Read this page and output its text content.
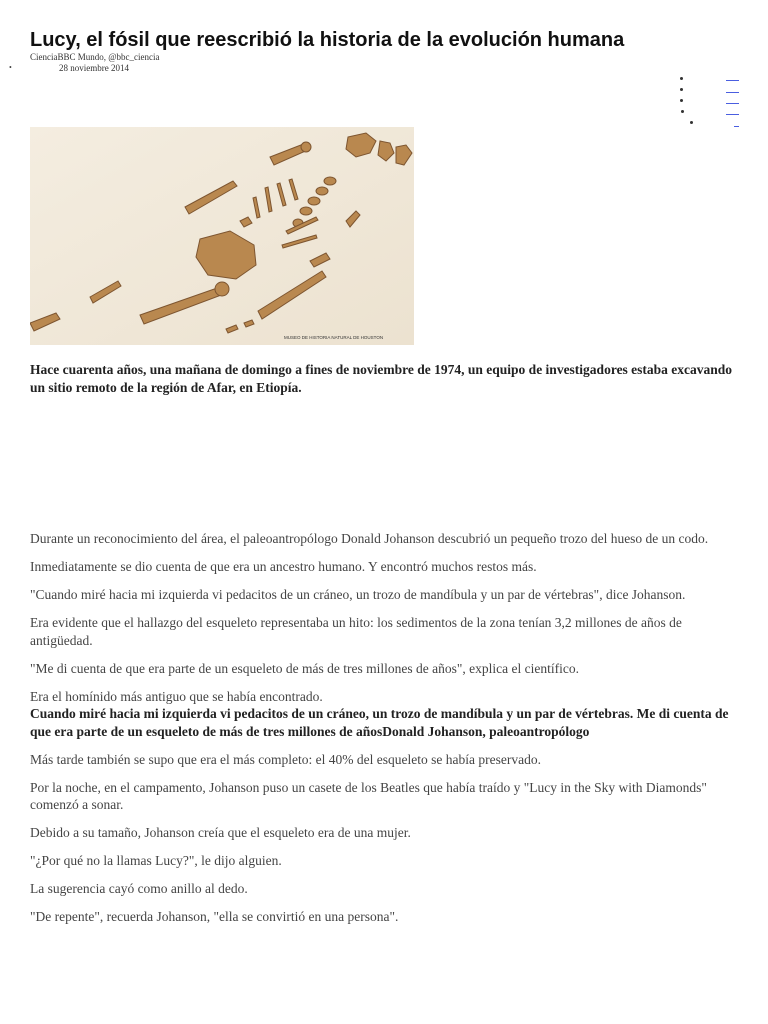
Lucy, el fósil que reescribió la historia de la evolución humana
CienciaBBC Mundo, @bbc_ciencia
•	28 noviembre 2014
MUSEO DE HISTORIA NATURAL DE HOUSTON

Hace cuarenta años, una mañana de domingo a fines de noviembre de 1974, un equipo de investigadores estaba excavando un sitio remoto de la región de Afar, en Etiopía.

Durante un reconocimiento del área, el paleoantropólogo Donald Johanson descubrió un pequeño trozo del hueso de un codo.

Inmediatamente se dio cuenta de que era un ancestro humano. Y encontró muchos restos más.

"Cuando miré hacia mi izquierda vi pedacitos de un cráneo, un trozo de mandíbula y un par de vértebras", dice Johanson.

Era evidente que el hallazgo del esqueleto representaba un hito: los sedimentos de la zona tenían 3,2 millones de años de antigüedad.

"Me di cuenta de que era parte de un esqueleto de más de tres millones de años", explica el científico.

Era el homínido más antiguo que se había encontrado.

Cuando miré hacia mi izquierda vi pedacitos de un cráneo, un trozo de mandíbula y un par de vértebras. Me di cuenta de que era parte de un esqueleto de más de tres millones de añosDonald Johanson, paleoantropólogo

Más tarde también se supo que era el más completo: el 40% del esqueleto se había preservado.

Por la noche, en el campamento, Johanson puso un casete de los Beatles que había traído y "Lucy in the Sky with Diamonds" comenzó a sonar.

Debido a su tamaño, Johanson creía que el esqueleto era de una mujer.

"¿Por qué no la llamas Lucy?", le dijo alguien.

La sugerencia cayó como anillo al dedo.

"De repente", recuerda Johanson, "ella se convirtió en una persona".
